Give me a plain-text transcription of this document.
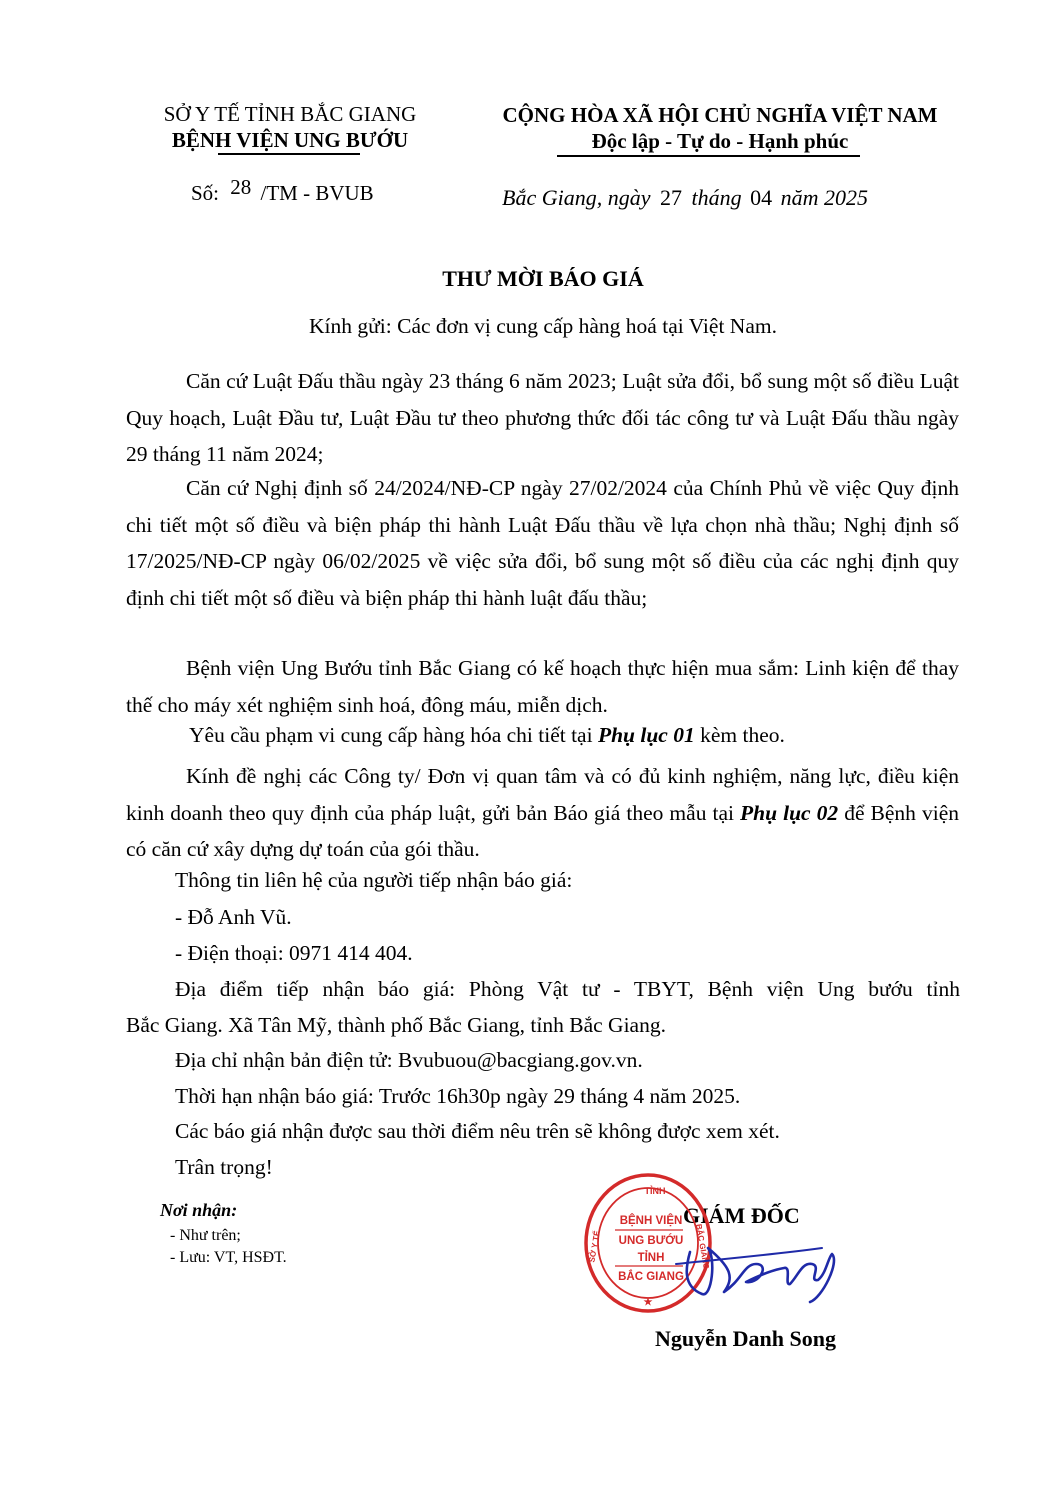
SỞ Y TẾ TỈNH BẮC GIANG
BỆNH VIỆN UNG BƯỚU
Số: 28 /TM - BVUB
CỘNG HÒA XÃ HỘI CHỦ NGHĨA VIỆT NAM
Độc lập - Tự do - Hạnh phúc
Bắc Giang, ngày 27 tháng 04 năm 2025
THƯ MỜI BÁO GIÁ
Kính gửi: Các đơn vị cung cấp hàng hoá tại Việt Nam.
Căn cứ Luật Đấu thầu ngày 23 tháng 6 năm 2023; Luật sửa đổi, bổ sung một số điều Luật Quy hoạch, Luật Đầu tư, Luật Đầu tư theo phương thức đối tác công tư và Luật Đấu thầu ngày 29 tháng 11 năm 2024;
Căn cứ Nghị định số 24/2024/NĐ-CP ngày 27/02/2024 của Chính Phủ về việc Quy định chi tiết một số điều và biện pháp thi hành Luật Đấu thầu về lựa chọn nhà thầu; Nghị định số 17/2025/NĐ-CP ngày 06/02/2025 về việc sửa đổi, bổ sung một số điều của các nghị định quy định chi tiết một số điều và biện pháp thi hành luật đấu thầu;
Bệnh viện Ung Bướu tỉnh Bắc Giang có kế hoạch thực hiện mua sắm: Linh kiện để thay thế cho máy xét nghiệm sinh hoá, đông máu, miễn dịch.
Yêu cầu phạm vi cung cấp hàng hóa chi tiết tại Phụ lục 01 kèm theo.
Kính đề nghị các Công ty/ Đơn vị quan tâm và có đủ kinh nghiệm, năng lực, điều kiện kinh doanh theo quy định của pháp luật, gửi bản Báo giá theo mẫu tại Phụ lục 02 để Bệnh viện có căn cứ xây dựng dự toán của gói thầu.
Thông tin liên hệ của người tiếp nhận báo giá:
- Đỗ Anh Vũ.
- Điện thoại: 0971 414 404.
Địa điểm tiếp nhận báo giá: Phòng Vật tư - TBYT, Bệnh viện Ung bướu tỉnh
Bắc Giang. Xã Tân Mỹ, thành phố Bắc Giang, tỉnh Bắc Giang.
Địa chỉ nhận bản điện tử: Bvubuou@bacgiang.gov.vn.
Thời hạn nhận báo giá: Trước 16h30p ngày 29 tháng 4 năm 2025.
Các báo giá nhận được sau thời điểm nêu trên sẽ không được xem xét.
Trân trọng!
Nơi nhận:
- Như trên;
- Lưu: VT, HSĐT.
GIÁM ĐỐC
TỈNH
BỆNH VIỆN
UNG BƯỚU
TỈNH
BẮC GIANG
SỞ Y TẾ	BẮC GIANG
★
Nguyễn Danh Song
